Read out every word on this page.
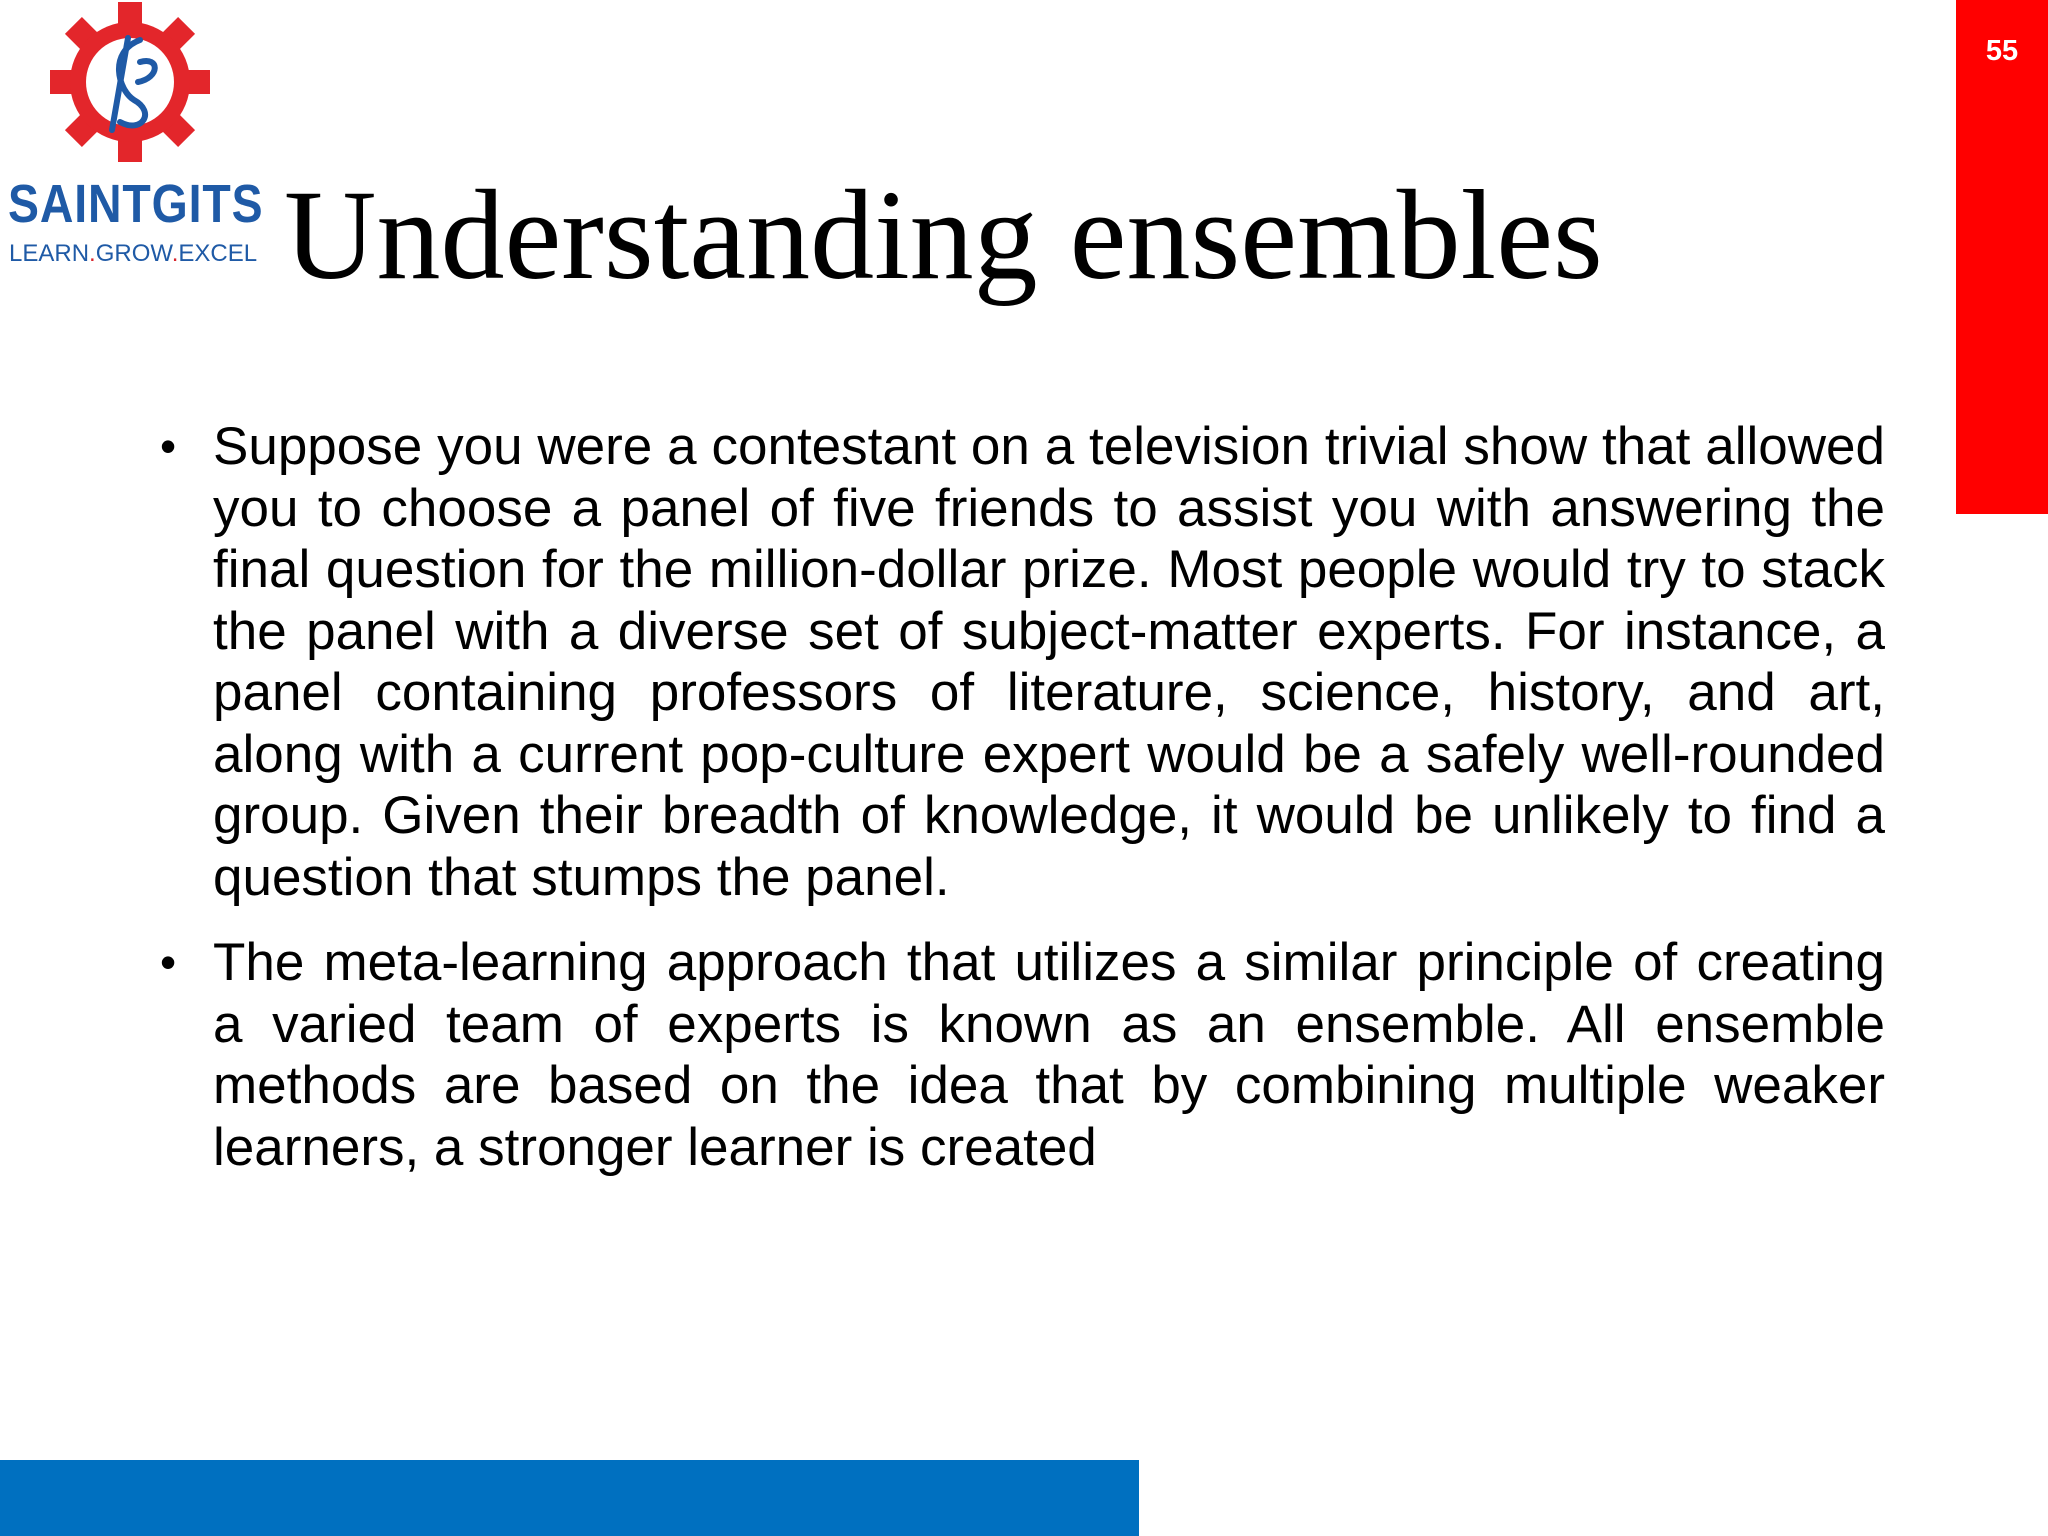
SAINTGITS
LEARN.GROW.EXCEL Understanding ensembles
55

• Suppose you were a contestant on a television trivial show that allowed you to choose a panel of five friends to assist you with answering the final question for the million-dollar prize. Most people would try to stack the panel with a diverse set of subject-matter experts. For instance, a panel containing professors of literature, science, history, and art, along with a current pop-culture expert would be a safely well-rounded group. Given their breadth of knowledge, it would be unlikely to find a question that stumps the panel.

• The meta-learning approach that utilizes a similar principle of creating a varied team of experts is known as an ensemble. All ensemble methods are based on the idea that by combining multiple weaker learners, a stronger learner is created
